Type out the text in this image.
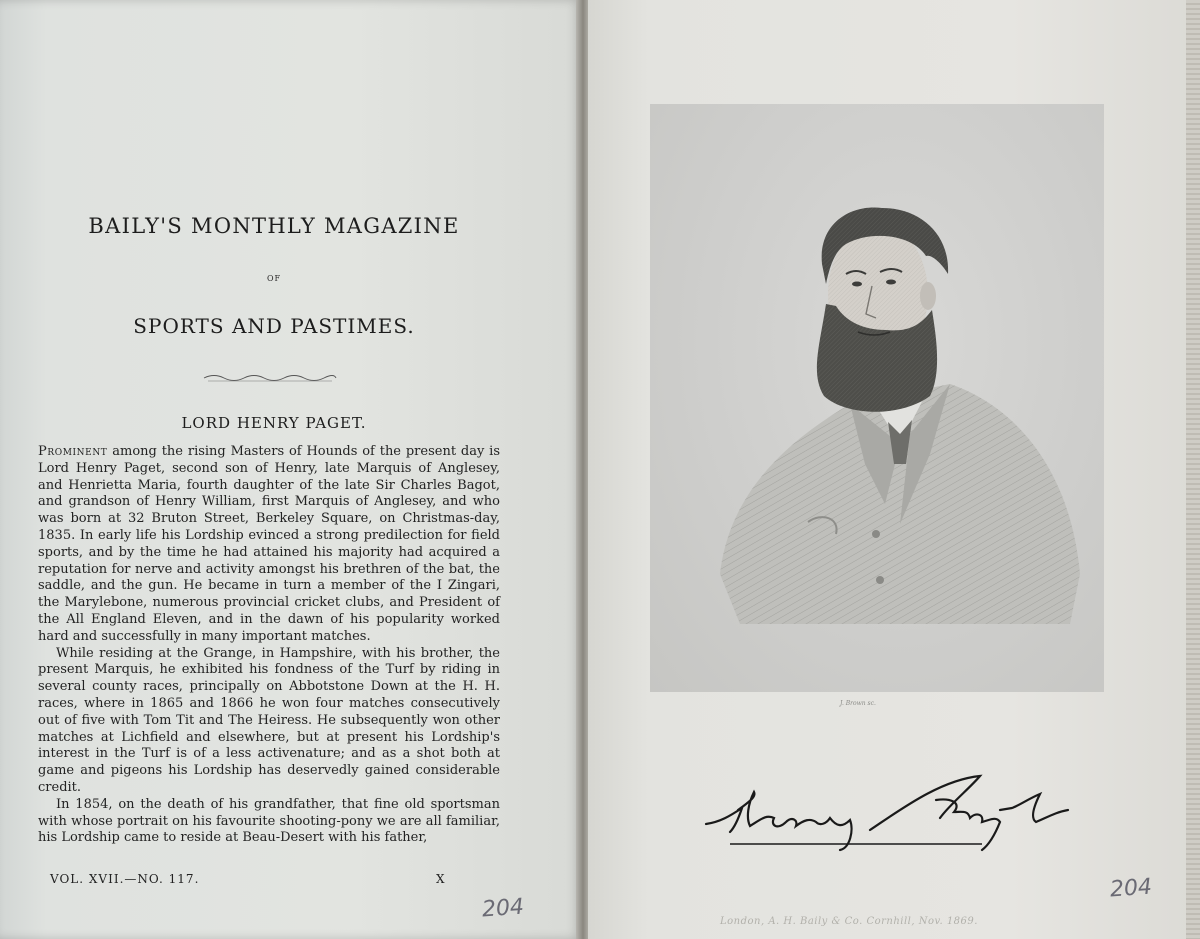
BAILY'S MONTHLY MAGAZINE
OF
SPORTS AND PASTIMES.
LORD HENRY PAGET.

Prominent among the rising Masters of Hounds of the present day is Lord Henry Paget, second son of Henry, late Marquis of Anglesey, and Henrietta Maria, fourth daughter of the late Sir Charles Bagot, and grandson of Henry William, first Marquis of Anglesey, and who was born at 32 Bruton Street, Berkeley Square, on Christmas-day, 1835. In early life his Lordship evinced a strong predilection for field sports, and by the time he had attained his majority had acquired a reputation for nerve and activity amongst his brethren of the bat, the saddle, and the gun. He became in turn a member of the I Zingari, the Marylebone, numerous provincial cricket clubs, and President of the All England Eleven, and in the dawn of his popularity worked hard and successfully in many important matches.

While residing at the Grange, in Hampshire, with his brother, the present Marquis, he exhibited his fondness of the Turf by riding in several county races, principally on Abbotstone Down at the H. H. races, where in 1865 and 1866 he won four matches consecutively out of five with Tom Tit and The Heiress. He subsequently won other matches at Lichfield and elsewhere, but at present his Lordship's interest in the Turf is of a less activenature; and as a shot both at game and pigeons his Lordship has deservedly gained considerable credit.

In 1854, on the death of his grandfather, that fine old sportsman with whose portrait on his favourite shooting-pony we are all familiar, his Lordship came to reside at Beau-Desert with his father,

VOL. XVII.—NO. 117.	X
204
J. Brown sc.
204
London, A. H. Baily & Co. Cornhill, Nov. 1869.
